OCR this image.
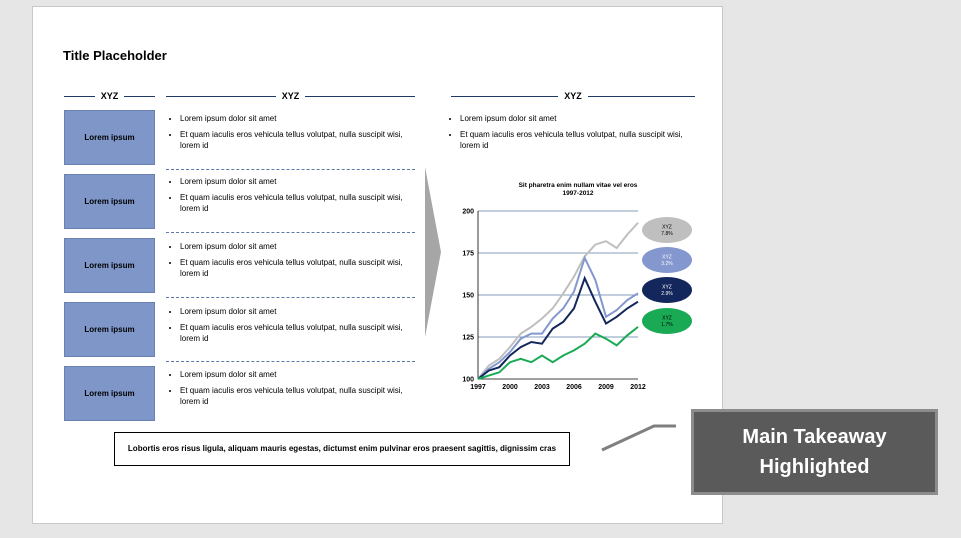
Title Placeholder
XYZ	XYZ	XYZ
Lorem ipsum
• Lorem ipsum dolor sit amet
• Et quam iaculis eros vehicula tellus volutpat, nulla suscipit wisi, lorem id
Lorem ipsum
• Lorem ipsum dolor sit amet
• Et quam iaculis eros vehicula tellus volutpat, nulla suscipit wisi, lorem id
Lorem ipsum
• Lorem ipsum dolor sit amet
• Et quam iaculis eros vehicula tellus volutpat, nulla suscipit wisi, lorem id
Lorem ipsum
• Lorem ipsum dolor sit amet
• Et quam iaculis eros vehicula tellus volutpat, nulla suscipit wisi, lorem id
Lorem ipsum
• Lorem ipsum dolor sit amet
• Et quam iaculis eros vehicula tellus volutpat, nulla suscipit wisi, lorem id
• Lorem ipsum dolor sit amet
• Et quam iaculis eros vehicula tellus volutpat, nulla suscipit wisi, lorem id
100
125
150
175
200
1997 2000 2003 2006 2009 2012
XYZ
7.8%
XYZ
3.2%
XYZ
2.9%
XYZ
1.7%
Sit pharetra enim nullam vitae vel eros 1997-2012
Lobortis eros risus ligula, aliquam mauris egestas, dictumst enim pulvinar eros praesent sagittis, dignissim cras
Main Takeaway Highlighted
